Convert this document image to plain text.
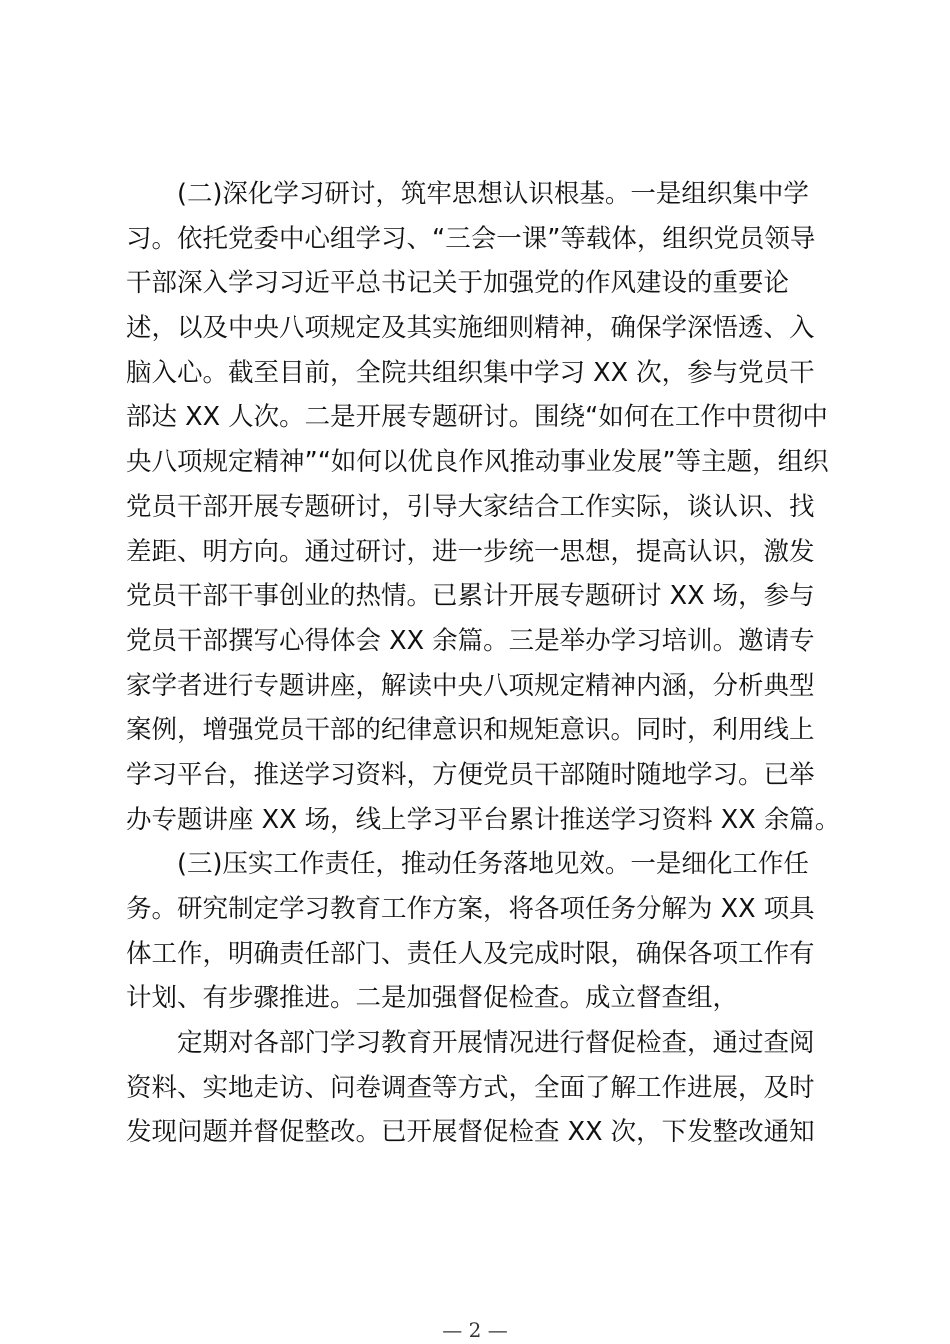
(二)深化学习研讨，筑牢思想认识根基。一是组织集中学
习。依托党委中心组学习、“三会一课”等载体，组织党员领导
干部深入学习习近平总书记关于加强党的作风建设的重要论
述，以及中央八项规定及其实施细则精神，确保学深悟透、入
脑入心。截至目前，全院共组织集中学习 XX 次，参与党员干
部达 XX 人次。二是开展专题研讨。围绕“如何在工作中贯彻中
央八项规定精神”“如何以优良作风推动事业发展”等主题，组织
党员干部开展专题研讨，引导大家结合工作实际，谈认识、找
差距、明方向。通过研讨，进一步统一思想，提高认识，激发
党员干部干事创业的热情。已累计开展专题研讨 XX 场，参与
党员干部撰写心得体会 XX 余篇。三是举办学习培训。邀请专
家学者进行专题讲座，解读中央八项规定精神内涵，分析典型
案例，增强党员干部的纪律意识和规矩意识。同时，利用线上
学习平台，推送学习资料，方便党员干部随时随地学习。已举
办专题讲座 XX 场，线上学习平台累计推送学习资料 XX 余篇。

(三)压实工作责任，推动任务落地见效。一是细化工作任
务。研究制定学习教育工作方案，将各项任务分解为 XX 项具
体工作，明确责任部门、责任人及完成时限，确保各项工作有
计划、有步骤推进。二是加强督促检查。成立督查组，

定期对各部门学习教育开展情况进行督促检查，通过查阅
资料、实地走访、问卷调查等方式，全面了解工作进展，及时
发现问题并督促整改。已开展督促检查 XX 次，下发整改通知

— 2 —
